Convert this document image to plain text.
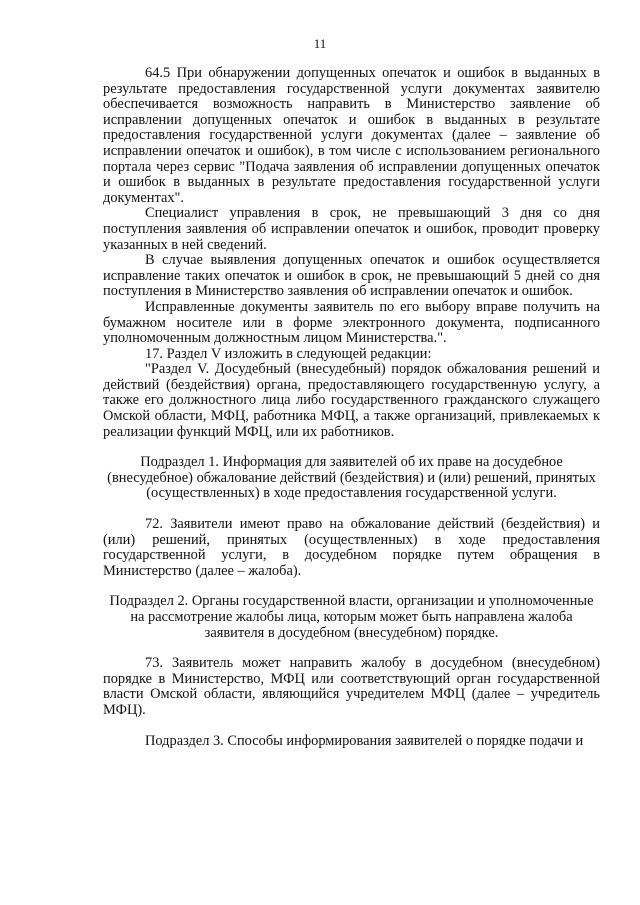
11

64.5 При обнаружении допущенных опечаток и ошибок в выданных в результате предоставления государственной услуги документах заявителю обеспечивается возможность направить в Министерство заявление об исправлении допущенных опечаток и ошибок в выданных в результате предоставления государственной услуги документах (далее – заявление об исправлении опечаток и ошибок), в том числе с использованием регионального портала через сервис "Подача заявления об исправлении допущенных опечаток и ошибок в выданных в результате предоставления государственной услуги документах".

Специалист управления в срок, не превышающий 3 дня со дня поступления заявления об исправлении опечаток и ошибок, проводит проверку указанных в ней сведений.

В случае выявления допущенных опечаток и ошибок осуществляется исправление таких опечаток и ошибок в срок, не превышающий 5 дней со дня поступления в Министерство заявления об исправлении опечаток и ошибок.

Исправленные документы заявитель по его выбору вправе получить на бумажном носителе или в форме электронного документа, подписанного уполномоченным должностным лицом Министерства.".

17. Раздел V изложить в следующей редакции:

"Раздел V. Досудебный (внесудебный) порядок обжалования решений и действий (бездействия) органа, предоставляющего государственную услугу, а также его должностного лица либо государственного гражданского служащего Омской области, МФЦ, работника МФЦ, а также организаций, привлекаемых к реализации функций МФЦ, или их работников.

Подраздел 1. Информация для заявителей об их праве на досудебное (внесудебное) обжалование действий (бездействия) и (или) решений, принятых (осуществленных) в ходе предоставления государственной услуги.

72. Заявители имеют право на обжалование действий (бездействия) и (или) решений, принятых (осуществленных) в ходе предоставления государственной услуги, в досудебном порядке путем обращения в Министерство (далее – жалоба).

Подраздел 2. Органы государственной власти, организации и уполномоченные на рассмотрение жалобы лица, которым может быть направлена жалоба заявителя в досудебном (внесудебном) порядке.

73. Заявитель может направить жалобу в досудебном (внесудебном) порядке в Министерство, МФЦ или соответствующий орган государственной власти Омской области, являющийся учредителем МФЦ (далее – учредитель МФЦ).

Подраздел 3. Способы информирования заявителей о порядке подачи и
